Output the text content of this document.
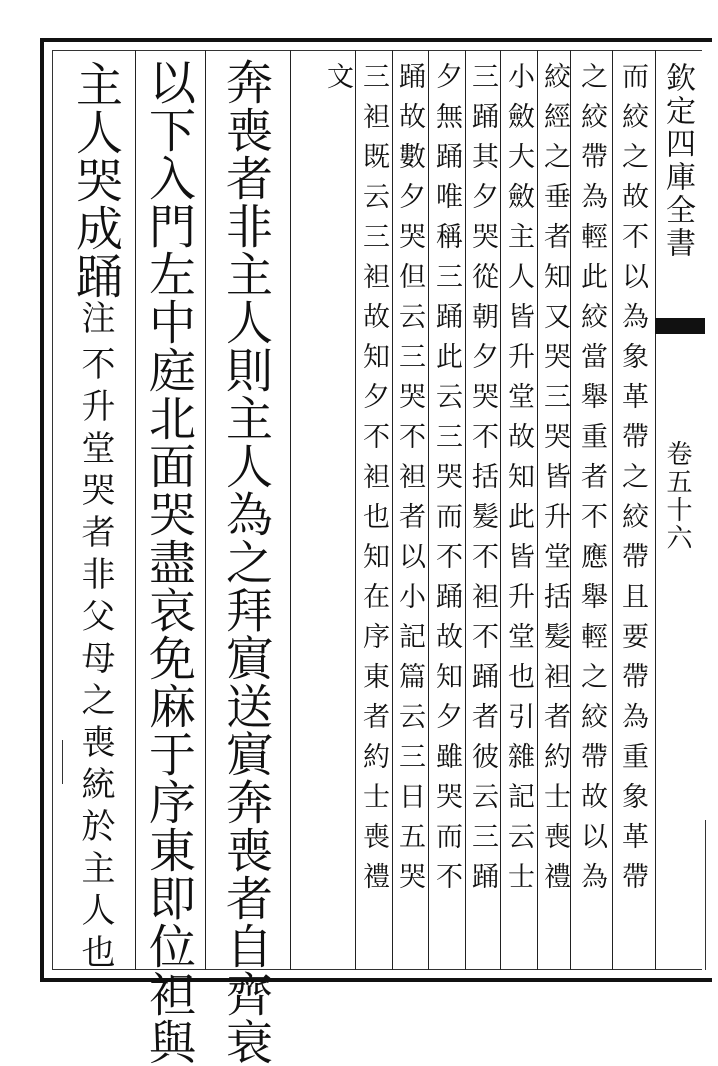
欽定四庫全書
卷五十六
而絞之故不以為象革帶之絞帶且要帶為重象革帶
之絞帶為輕此絞當舉重者不應舉輕之絞帶故以為
絞經之垂者知又哭三哭皆升堂括髪袒者約士喪禮
小斂大斂主人皆升堂故知此皆升堂也引雜記云士
三踊其夕哭從朝夕哭不括髪不袒不踊者彼云三踊
夕無踊唯稱三踊此云三哭而不踊故知夕雖哭而不
踊故數夕哭但云三哭不袒者以小記篇云三日五哭
三袒既云三袒故知夕不袒也知在序東者約士喪禮
文
奔喪者非主人則主人為之拜賔送賔奔喪者自齊衰
以下入門左中庭北面哭盡哀免麻于序東即位袒與
主人哭成踊
注
不升堂哭者非父母之喪統於主人也
